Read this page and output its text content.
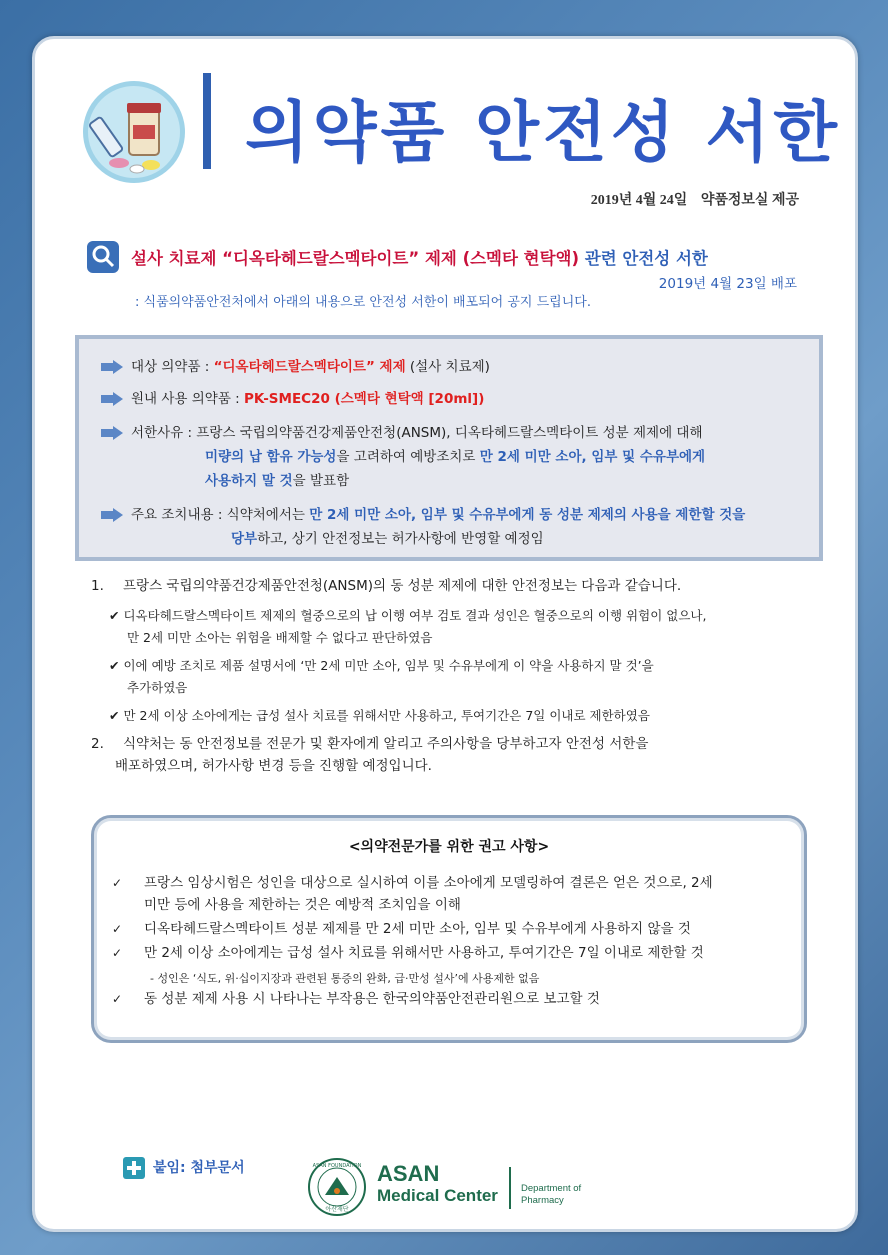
의약품 안전성 서한
2019년 4월 24일 약품정보실 제공
설사 치료제 “디옥타헤드랄스멕타이트” 제제 (스멕타 현탁액) 관련 안전성 서한
2019년 4월 23일 배포
: 식품의약품안전처에서 아래의 내용으로 안전성 서한이 배포되어 공지 드립니다.
대상 의약품 : “디옥타헤드랄스멕타이트” 제제 (설사 치료제)
원내 사용 의약품 : PK-SMEC20 (스멕타 현탁액 [20ml])
서한사유 : 프랑스 국립의약품건강제품안전청(ANSM), 디옥타헤드랄스멕타이트 성분 제제에 대해
미량의 납 함유 가능성을 고려하여 예방조치로 만 2세 미만 소아, 임부 및 수유부에게
사용하지 말 것을 발표함
주요 조치내용 : 식약처에서는 만 2세 미만 소아, 임부 및 수유부에게 동 성분 제제의 사용을 제한할 것을
당부하고, 상기 안전정보는 허가사항에 반영할 예정임
1. 프랑스 국립의약품건강제품안전청(ANSM)의 동 성분 제제에 대한 안전정보는 다음과 같습니다.
✔ 디옥타헤드랄스멕타이트 제제의 혈중으로의 납 이행 여부 검토 결과 성인은 혈중으로의 이행 위험이 없으나,
만 2세 미만 소아는 위험을 배제할 수 없다고 판단하였음
✔ 이에 예방 조치로 제품 설명서에 ‘만 2세 미만 소아, 임부 및 수유부에게 이 약을 사용하지 말 것’을
추가하였음
✔ 만 2세 이상 소아에게는 급성 설사 치료를 위해서만 사용하고, 투여기간은 7일 이내로 제한하였음
2. 식약처는 동 안전정보를 전문가 및 환자에게 알리고 주의사항을 당부하고자 안전성 서한을
배포하였으며, 허가사항 변경 등을 진행할 예정입니다.
<의약전문가를 위한 권고 사항>
✓ 프랑스 임상시험은 성인을 대상으로 실시하여 이를 소아에게 모델링하여 결론은 얻은 것으로, 2세
미만 등에 사용을 제한하는 것은 예방적 조치임을 이해
✓ 디옥타헤드랄스멕타이트 성분 제제를 만 2세 미만 소아, 임부 및 수유부에게 사용하지 않을 것
✓ 만 2세 이상 소아에게는 급성 설사 치료를 위해서만 사용하고, 투여기간은 7일 이내로 제한할 것
- 성인은 ‘식도, 위·십이지장과 관련된 통증의 완화, 급·만성 설사’에 사용제한 없음
✓ 동 성분 제제 사용 시 나타나는 부작용은 한국의약품안전관리원으로 보고할 것
붙임: 첨부문서	ASAN FOUNDATION
아산재단
ASAN
Medical Center Department of
Pharmacy
